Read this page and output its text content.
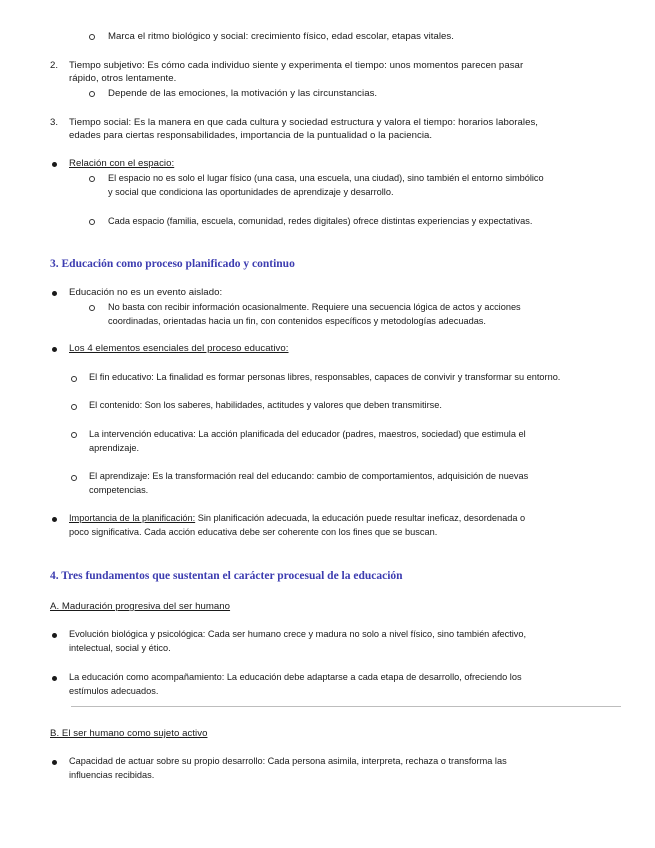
Marca el ritmo biológico y social: crecimiento físico, edad escolar, etapas vitales.
2. Tiempo subjetivo: Es cómo cada individuo siente y experimenta el tiempo: unos momentos parecen pasar
rápido, otros lentamente.
Depende de las emociones, la motivación y las circunstancias.
3. Tiempo social: Es la manera en que cada cultura y sociedad estructura y valora el tiempo: horarios laborales,
edades para ciertas responsabilidades, importancia de la puntualidad o la paciencia.
Relación con el espacio:
El espacio no es solo el lugar físico (una casa, una escuela, una ciudad), sino también el entorno simbólico
y social que condiciona las oportunidades de aprendizaje y desarrollo.
Cada espacio (familia, escuela, comunidad, redes digitales) ofrece distintas experiencias y expectativas.
3. Educación como proceso planificado y continuo
Educación no es un evento aislado:
No basta con recibir información ocasionalmente. Requiere una secuencia lógica de actos y acciones
coordinadas, orientadas hacia un fin, con contenidos específicos y metodologías adecuadas.
Los 4 elementos esenciales del proceso educativo:
El fin educativo: La finalidad es formar personas libres, responsables, capaces de convivir y transformar su entorno.
El contenido: Son los saberes, habilidades, actitudes y valores que deben transmitirse.
La intervención educativa: La acción planificada del educador (padres, maestros, sociedad) que estimula el
aprendizaje.
El aprendizaje: Es la transformación real del educando: cambio de comportamientos, adquisición de nuevas
competencias.
Importancia de la planificación: Sin planificación adecuada, la educación puede resultar ineficaz, desordenada o
poco significativa. Cada acción educativa debe ser coherente con los fines que se buscan.
4. Tres fundamentos que sustentan el carácter procesual de la educación
A. Maduración progresiva del ser humano
Evolución biológica y psicológica: Cada ser humano crece y madura no solo a nivel físico, sino también afectivo,
intelectual, social y ético.
La educación como acompañamiento: La educación debe adaptarse a cada etapa de desarrollo, ofreciendo los
estímulos adecuados.
B. El ser humano como sujeto activo
Capacidad de actuar sobre su propio desarrollo: Cada persona asimila, interpreta, rechaza o transforma las
influencias recibidas.
